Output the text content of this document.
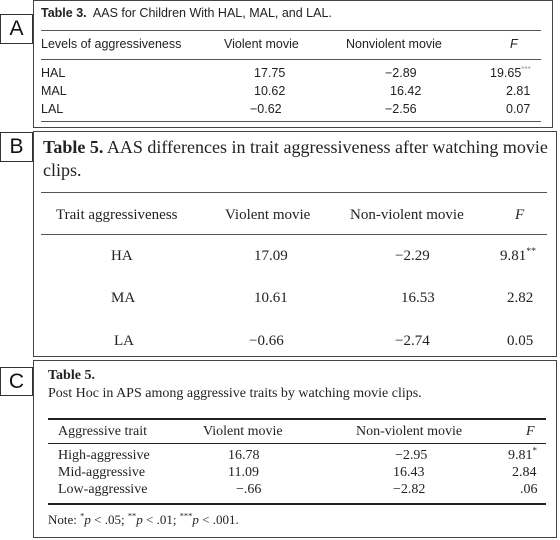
A
Table 3. AAS for Children With HAL, MAL, and LAL.
Levels of aggressiveness	Violent movie	Nonviolent movie	F
HAL	17.75	−2.89	19.65***
MAL	10.62	16.42	2.81
LAL	−0.62	−2.56	0.07
B	Table 5. AAS differences in trait aggressiveness after watching movie clips.
Trait aggressiveness	Violent movie	Non-violent movie	F
HA	17.09	−2.29	9.81**
MA	10.61	16.53	2.82
LA	−0.66	−2.74	0.05
C	Table 5.
Post Hoc in APS among aggressive traits by watching movie clips.
Aggressive trait	Violent movie	Non-violent movie	F
High-aggressive	16.78	−2.95	9.81*
Mid-aggressive	11.09	16.43	2.84
Low-aggressive	−.66	−2.82	.06
Note: *p < .05; **p < .01; ***p < .001.
